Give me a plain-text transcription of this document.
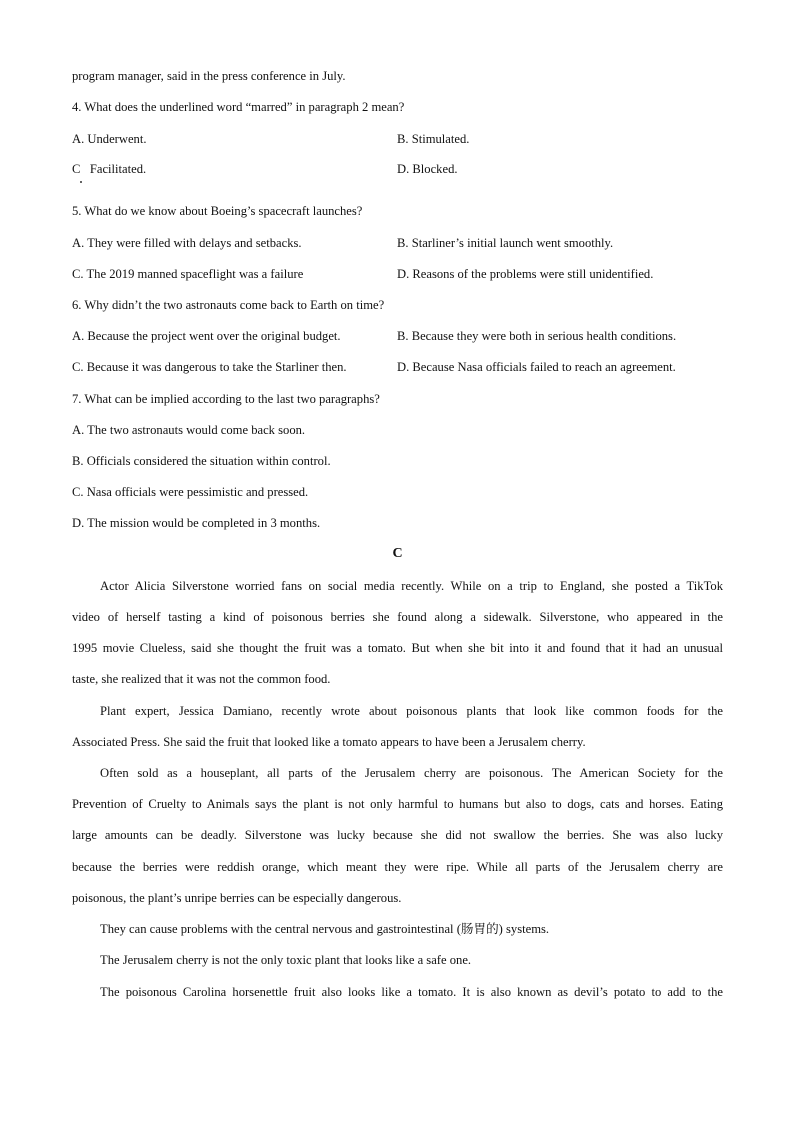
program manager, said in the press conference in July.
4. What does the underlined word “marred” in paragraph 2 mean?
A. Underwent.	B. Stimulated.
C   Facilitated.	D. Blocked.
5. What do we know about Boeing’s spacecraft launches?
A. They were filled with delays and setbacks.	B. Starliner’s initial launch went smoothly.
C. The 2019 manned spaceflight was a failure	D. Reasons of the problems were still unidentified.
6. Why didn’t the two astronauts come back to Earth on time?
A. Because the project went over the original budget.	B. Because they were both in serious health conditions.
C. Because it was dangerous to take the Starliner then.	D. Because Nasa officials failed to reach an agreement.
7. What can be implied according to the last two paragraphs?
A. The two astronauts would come back soon.
B. Officials considered the situation within control.
C. Nasa officials were pessimistic and pressed.
D. The mission would be completed in 3 months.
C
Actor Alicia Silverstone worried fans on social media recently. While on a trip to England, she posted a TikTok
video of herself tasting a kind of poisonous berries she found along a sidewalk. Silverstone, who appeared in the
1995 movie Clueless, said she thought the fruit was a tomato. But when she bit into it and found that it had an unusual
taste, she realized that it was not the common food.
Plant expert, Jessica Damiano, recently wrote about poisonous plants that look like common foods for the
Associated Press. She said the fruit that looked like a tomato appears to have been a Jerusalem cherry.
Often sold as a houseplant, all parts of the Jerusalem cherry are poisonous. The American Society for the
Prevention of Cruelty to Animals says the plant is not only harmful to humans but also to dogs, cats and horses. Eating
large amounts can be deadly. Silverstone was lucky because she did not swallow the berries. She was also lucky
because the berries were reddish orange, which meant they were ripe. While all parts of the Jerusalem cherry are
poisonous, the plant’s unripe berries can be especially dangerous.
They can cause problems with the central nervous and gastrointestinal (肠胃的) systems.
The Jerusalem cherry is not the only toxic plant that looks like a safe one.
The poisonous Carolina horsenettle fruit also looks like a tomato. It is also known as devil’s potato to add to the
